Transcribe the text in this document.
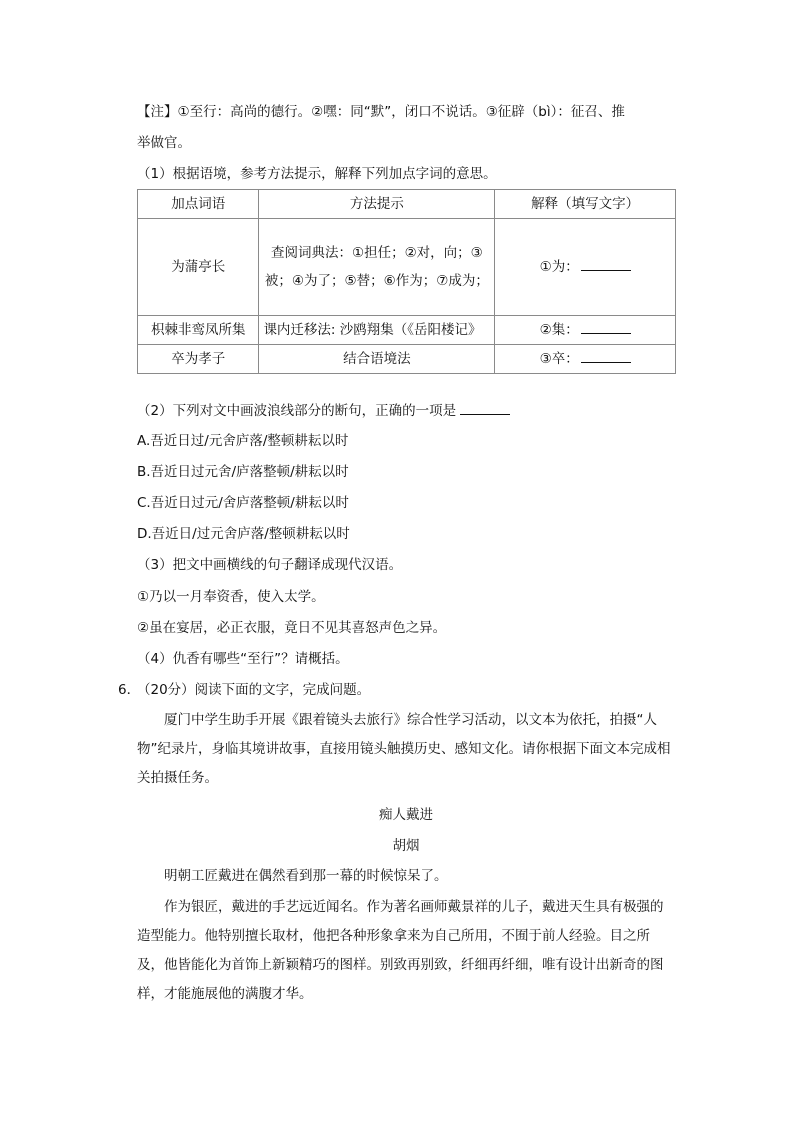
【注】①至行：高尚的德行。②嘿：同“默”，闭口不说话。③征辟（bì）：征召、推
举做官。
（1）根据语境，参考方法提示，解释下列加点字词的意思。
加点词语	方法提示	解释（填写文字）
为蒲亭长	查阅词典法：①担任；②对，向；③被；④为了；⑤替；⑥作为；⑦成为；	①为：
枳棘非鸾凤所集	课内迁移法: 沙鸥翔集（《岳阳楼记》	②集：
卒为孝子	结合语境法	③卒：
（2）下列对文中画波浪线部分的断句，正确的一项是
A.吾近日过/元舍庐落/整顿耕耘以时
B.吾近日过元舍/庐落整顿/耕耘以时
C.吾近日过元/舍庐落整顿/耕耘以时
D.吾近日/过元舍庐落/整顿耕耘以时
（3）把文中画横线的句子翻译成现代汉语。
①乃以一月奉资香，使入太学。
②虽在宴居，必正衣服，竟日不见其喜怒声色之异。
（4）仇香有哪些“至行”？请概括。
6．
（20分）阅读下面的文字，完成问题。
厦门中学生助手开展《跟着镜头去旅行》综合性学习活动，以文本为依托，拍摄“人物”纪录片，身临其境讲故事，直接用镜头触摸历史、感知文化。请你根据下面文本完成相关拍摄任务。
痴人戴进
胡烟
明朝工匠戴进在偶然看到那一幕的时候惊呆了。
作为银匠，戴进的手艺远近闻名。作为著名画师戴景祥的儿子，戴进天生具有极强的造型能力。他特别擅长取材，他把各种形象拿来为自己所用，不囿于前人经验。目之所及，他皆能化为首饰上新颖精巧的图样。别致再别致，纤细再纤细，唯有设计出新奇的图样，才能施展他的满腹才华。
